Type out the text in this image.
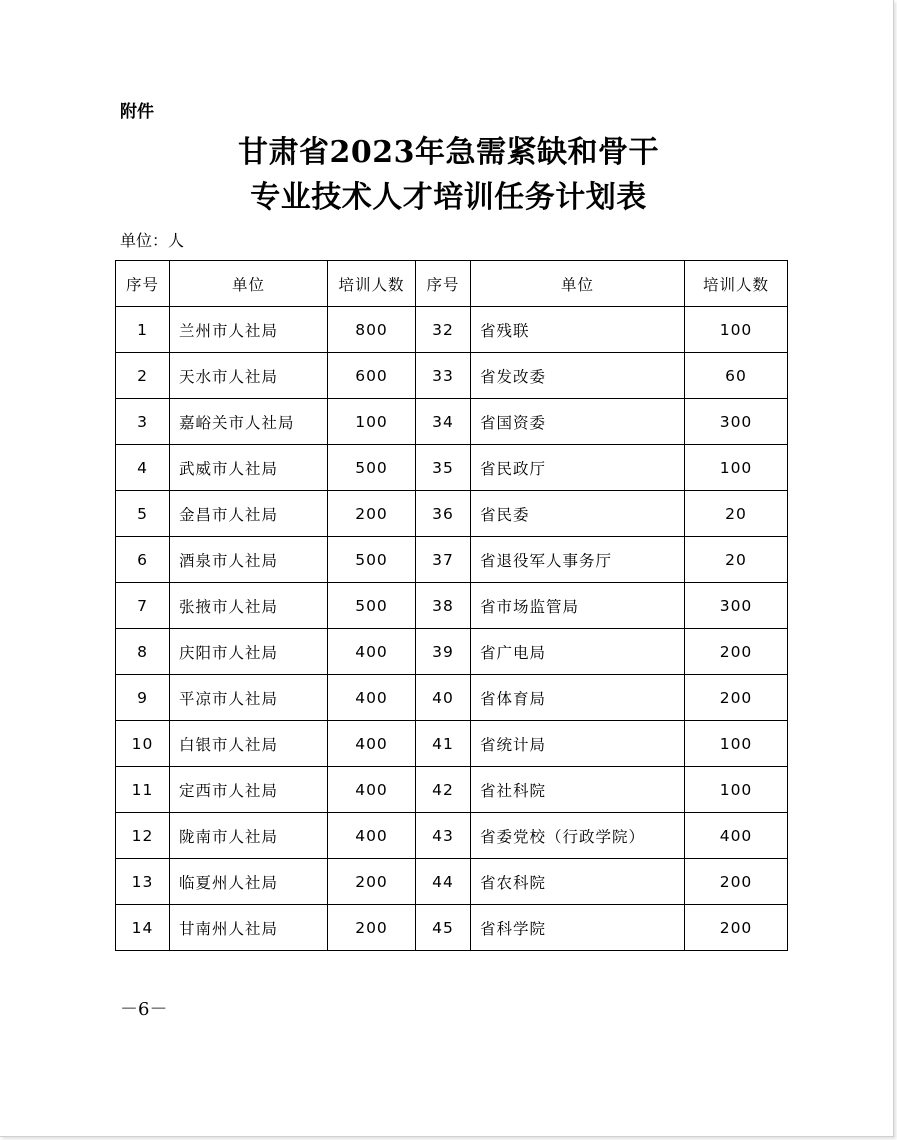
附件
甘肃省2023年急需紧缺和骨干
专业技术人才培训任务计划表
单位：人
序号	单位	培训人数	序号	单位	培训人数
1	兰州市人社局	800	32	省残联	100
2	天水市人社局	600	33	省发改委	60
3	嘉峪关市人社局	100	34	省国资委	300
4	武威市人社局	500	35	省民政厅	100
5	金昌市人社局	200	36	省民委	20
6	酒泉市人社局	500	37	省退役军人事务厅	20
7	张掖市人社局	500	38	省市场监管局	300
8	庆阳市人社局	400	39	省广电局	200
9	平凉市人社局	400	40	省体育局	200
10	白银市人社局	400	41	省统计局	100
11	定西市人社局	400	42	省社科院	100
12	陇南市人社局	400	43	省委党校（行政学院）	400
13	临夏州人社局	200	44	省农科院	200
14	甘南州人社局	200	45	省科学院	200
－6－
